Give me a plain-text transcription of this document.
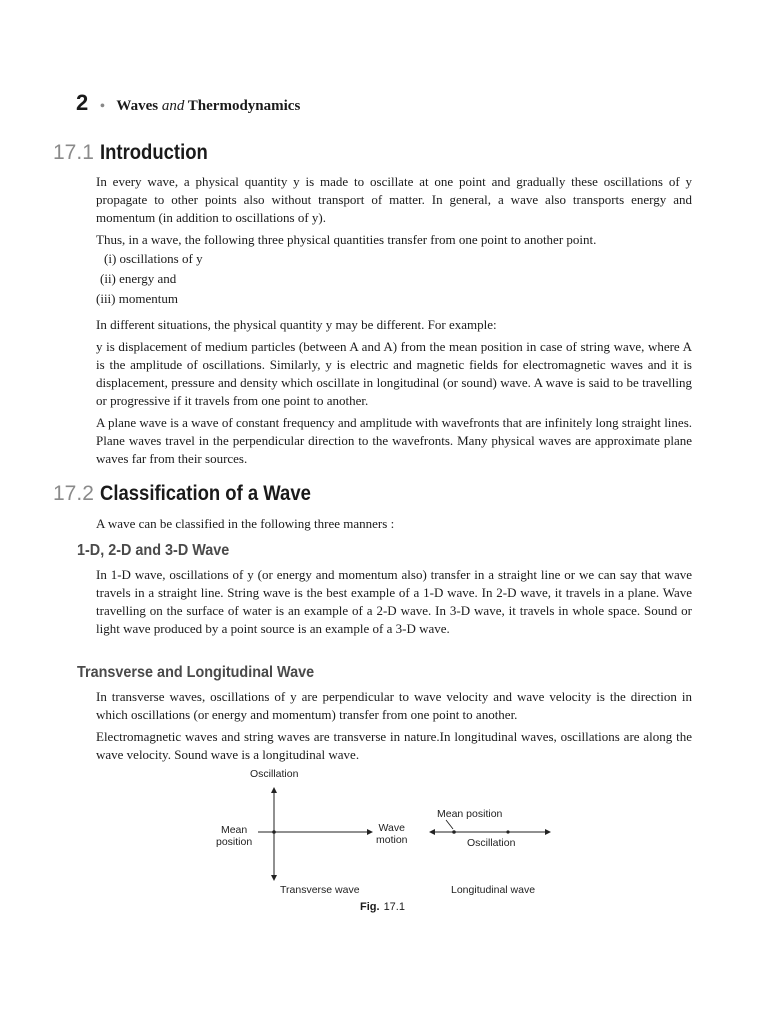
2 • Waves and Thermodynamics
17.1 Introduction

In every wave, a physical quantity y is made to oscillate at one point and gradually these oscillations of y propagate to other points also without transport of matter. In general, a wave also transports energy and momentum (in addition to oscillations of y).

Thus, in a wave, the following three physical quantities transfer from one point to another point.

(i) oscillations of y
(ii) energy and
(iii) momentum

In different situations, the physical quantity y may be different. For example:

y is displacement of medium particles (between A and A) from the mean position in case of string wave, where A is the amplitude of oscillations. Similarly, y is electric and magnetic fields for electromagnetic waves and it is displacement, pressure and density which oscillate in longitudinal (or sound) wave. A wave is said to be travelling or progressive if it travels from one point to another.

A plane wave is a wave of constant frequency and amplitude with wavefronts that are infinitely long straight lines. Plane waves travel in the perpendicular direction to the wavefronts. Many physical waves are approximate plane waves far from their sources.

17.2 Classification of a Wave

A wave can be classified in the following three manners :

1-D, 2-D and 3-D Wave

In 1-D wave, oscillations of y (or energy and momentum also) transfer in a straight line or we can say that wave travels in a straight line. String wave is the best example of a 1-D wave. In 2-D wave, it travels in a plane. Wave travelling on the surface of water is an example of a 2-D wave. In 3-D wave, it travels in whole space. Sound or light wave produced by a point source is an example of a 3-D wave.

Transverse and Longitudinal Wave

In transverse waves, oscillations of y are perpendicular to wave velocity and wave velocity is the direction in which oscillations (or energy and momentum) transfer from one point to another.

Electromagnetic waves and string waves are transverse in nature.In longitudinal waves, oscillations are along the wave velocity. Sound wave is a longitudinal wave.

Oscillation
Mean
position
Wave
motion
Transverse wave
Mean position
Oscillation
Longitudinal wave
Fig. 17.1
